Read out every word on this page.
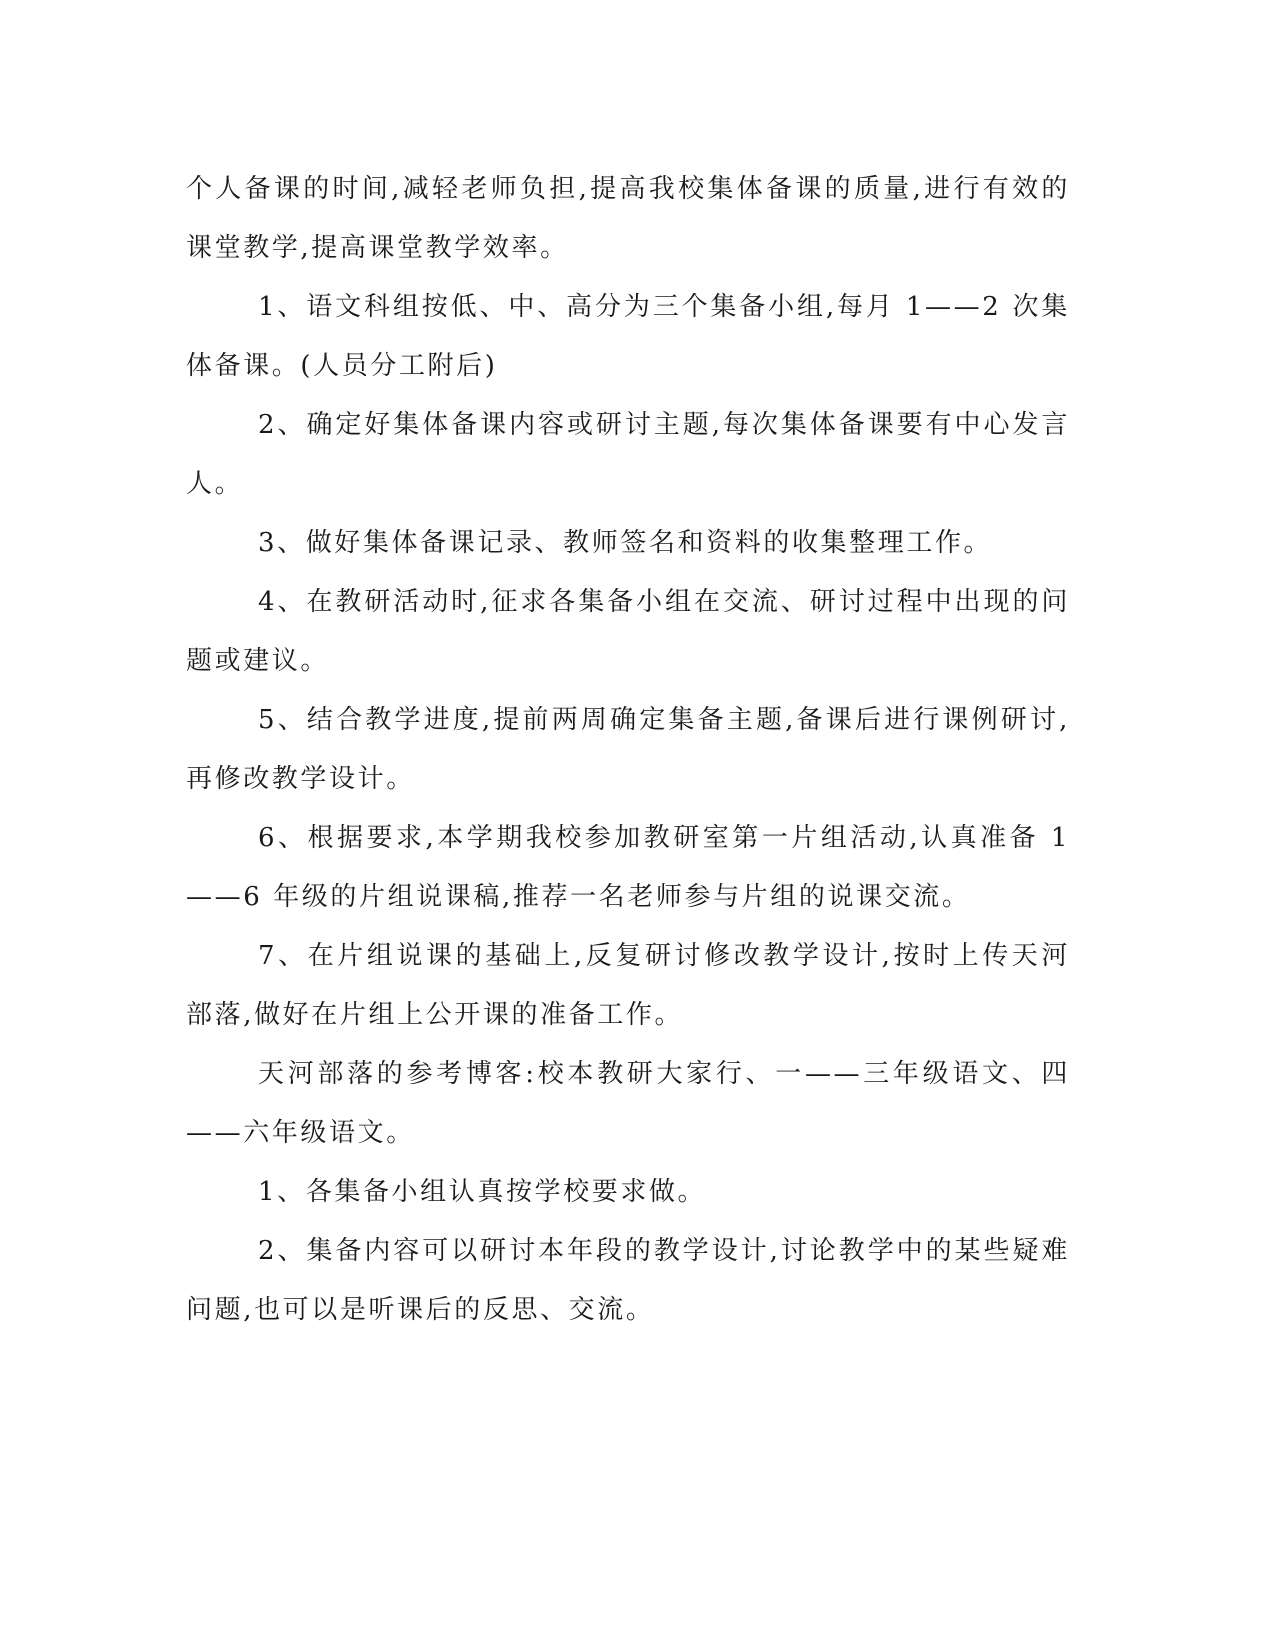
个人备课的时间,减轻老师负担,提高我校集体备课的质量,进行有效的课堂教学,提高课堂教学效率。

1、语文科组按低、中、高分为三个集备小组,每月 1——2 次集体备课。(人员分工附后)

2、确定好集体备课内容或研讨主题,每次集体备课要有中心发言人。

3、做好集体备课记录、教师签名和资料的收集整理工作。

4、在教研活动时,征求各集备小组在交流、研讨过程中出现的问题或建议。

5、结合教学进度,提前两周确定集备主题,备课后进行课例研讨,再修改教学设计。

6、根据要求,本学期我校参加教研室第一片组活动,认真准备 1——6 年级的片组说课稿,推荐一名老师参与片组的说课交流。

7、在片组说课的基础上,反复研讨修改教学设计,按时上传天河部落,做好在片组上公开课的准备工作。

天河部落的参考博客:校本教研大家行、一——三年级语文、四——六年级语文。

1、各集备小组认真按学校要求做。

2、集备内容可以研讨本年段的教学设计,讨论教学中的某些疑难问题,也可以是听课后的反思、交流。
